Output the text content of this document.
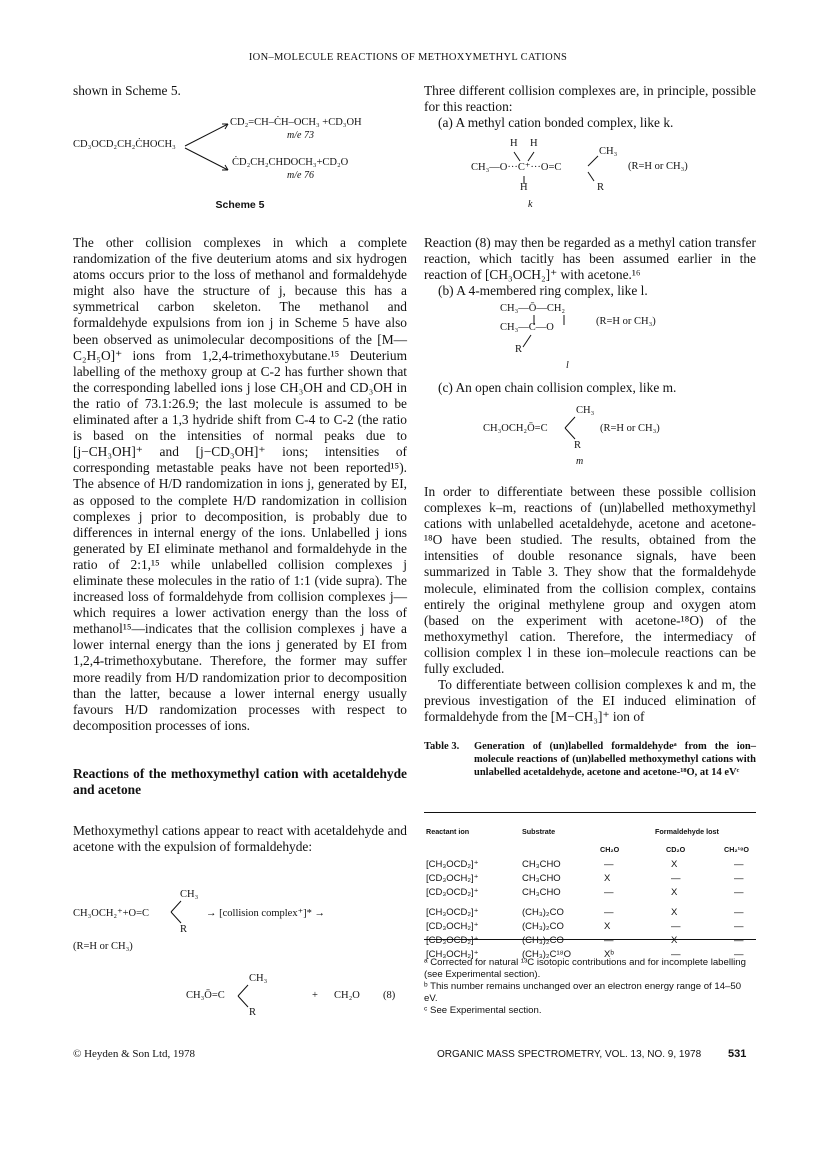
ION–MOLECULE REACTIONS OF METHOXYMETHYL CATIONS
shown in Scheme 5.
CD₃OCD₂CH₂ĊHOCH₃
CD₂=CH–ĊH–OCH₃ +CD₃OH
m/e 73
ĊD₂CH₂CHDOCH₃+CD₂O
m/e 76
Scheme 5

The other collision complexes in which a complete randomization of the five deuterium atoms and six hydrogen atoms occurs prior to the loss of methanol and formaldehyde might also have the structure of j, because this has a symmetrical carbon skeleton. The methanol and formaldehyde expulsions from ion j in Scheme 5 have also been observed as unimolecular decompositions of the [M—C₂H₅O]⁺ ions from 1,2,4-trimethoxybutane.¹⁵ Deuterium labelling of the methoxy group at C-2 has further shown that the corresponding labelled ions j lose CH₃OH and CD₃OH in the ratio of 73.1:26.9; the last molecule is assumed to be eliminated after a 1,3 hydride shift from C-4 to C-2 (the ratio is based on the intensities of normal peaks due to [j−CH₃OH]⁺ and [j−CD₃OH]⁺ ions; intensities of corresponding metastable peaks have not been reported¹⁵). The absence of H/D randomization in ions j, generated by EI, as opposed to the complete H/D randomization in collision complexes j prior to decomposition, is probably due to differences in internal energy of the ions. Unlabelled j ions generated by EI eliminate methanol and formaldehyde in the ratio of 2:1,¹⁵ while unlabelled collision complexes j eliminate these molecules in the ratio of 1:1 (vide supra). The increased loss of formaldehyde from collision complexes j—which requires a lower activation energy than the loss of methanol¹⁵—indicates that the collision complexes j have a lower internal energy than the ions j generated by EI from 1,2,4-trimethoxybutane. Therefore, the former may suffer more readily from H/D randomization prior to decomposition than the latter, because a lower internal energy usually favours H/D randomization processes with respect to decomposition processes of ions.

Reactions of the methoxymethyl cation with acetaldehyde and acetone
Methoxymethyl cations appear to react with acetaldehyde and acetone with the expulsion of formaldehyde:
CH₃
CH₃OCH₂⁺+O=C
R
→ [collision complex⁺]* →
(R=H or CH₃)
CH₃
CH₃Ō=C
R
+ CH₂O (8)

Three different collision complexes are, in principle, possible for this reaction:

(a) A methyl cation bonded complex, like k.

H H
CH₃
CH₃—O···C⁺···O=C
H	R
k
(R=H or CH₃)

Reaction (8) may then be regarded as a methyl cation transfer reaction, which tacitly has been assumed earlier in the reaction of [CH₃OCH₂]⁺ with acetone.¹⁶

(b) A 4-membered ring complex, like l.

CH₃—Ō—CH₂
CH₃—C—O
R
(R=H or CH₃)
l

(c) An open chain collision complex, like m.

CH₃
CH₃OCH₂Ō=C
R
m
(R=H or CH₃)

In order to differentiate between these possible collision complexes k–m, reactions of (un)labelled methoxymethyl cations with unlabelled acetaldehyde, acetone and acetone-¹⁸O have been studied. The results, obtained from the intensities of double resonance signals, have been summarized in Table 3. They show that the formaldehyde molecule, eliminated from the collision complex, contains entirely the original methylene group and oxygen atom (based on the experiment with acetone-¹⁸O) of the methoxymethyl cation. Therefore, the intermediacy of collision complex l in these ion–molecule reactions can be fully excluded.

To differentiate between collision complexes k and m, the previous investigation of the EI induced elimination of formaldehyde from the [M−CH₃]⁺ ion of

Table 3.	Generation of (un)labelled formaldehydeᵃ from the ion–molecule reactions of (un)labelled methoxymethyl cations with unlabelled acetaldehyde, acetone and acetone-¹⁸O, at 14 eVᶜ
Reactant ion	Substrate	Formaldehyde lost
CH₂O	CD₂O	CH₂¹⁸O
[CH₃OCD₂]⁺	CH₃CHO	—	X	—
[CD₃OCH₂]⁺	CH₃CHO	X	—	—
[CD₃OCD₂]⁺	CH₃CHO	—	X	—
[CH₃OCD₂]⁺	(CH₃)₂CO	—	X	—
[CD₃OCH₂]⁺	(CH₃)₂CO	X	—	—
[CD₃OCD₂]⁺	(CH₃)₂CO	—	X	—
[CH₃OCH₂]⁺	(CH₃)₂C¹⁸O	Xᵇ	—	—
ᵃ Corrected for natural ¹³C isotopic contributions and for incomplete labelling (see Experimental section).
ᵇ This number remains unchanged over an electron energy range of 14–50 eV.
ᶜ See Experimental section.
© Heyden & Son Ltd, 1978	ORGANIC MASS SPECTROMETRY, VOL. 13, NO. 9, 1978 531
